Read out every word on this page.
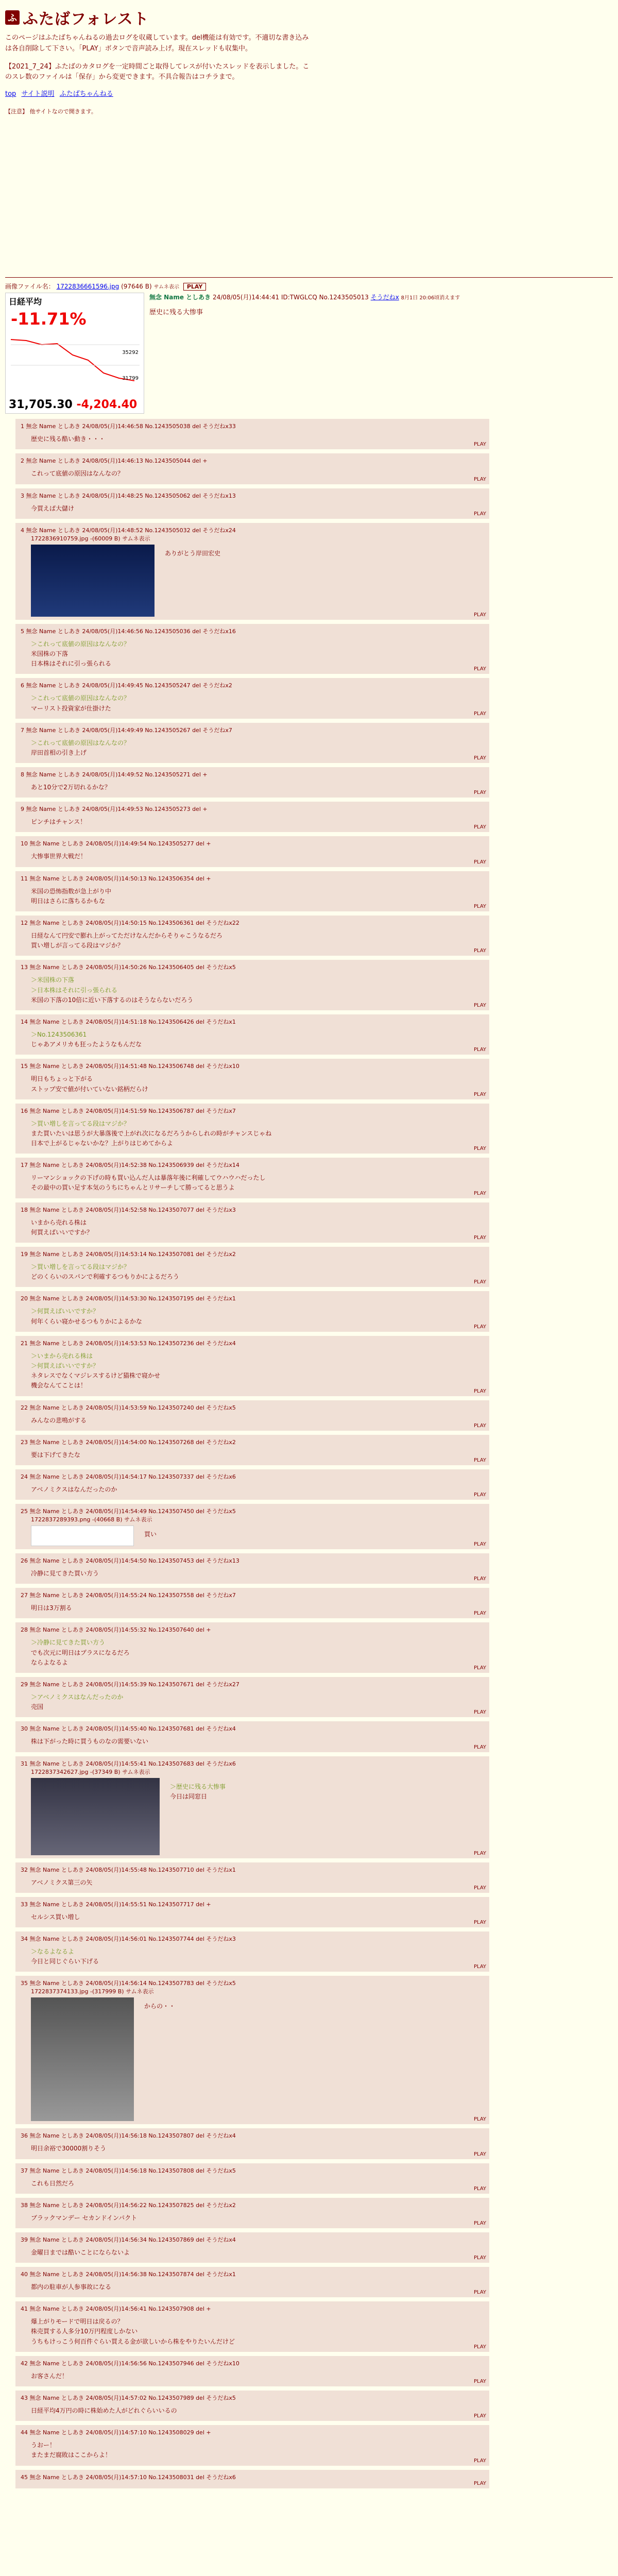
ふ ふたばフォレスト
このページはふたばちゃんねるの過去ログを収蔵しています。del機能は有効です。不適切な書き込みは各自削除して下さい。「PLAY」ボタンで音声読み上げ。現在スレッドも収集中。
【2021_7_24】ふたばのカタログを一定時間ごと取得してレスが付いたスレッドを表示しました。このスレ数のファイルは「保存」から変更できます。不具合報告はコチラまで。
top サイト説明 ふたばちゃんねる
【注意】 他サイトなので開きます。
画像ファイル名： 1722836661596.jpg (97646 B) サムネ表示 PLAY
日経平均
-11.71%
35292
31799
31,705.30 -4,204.40
無念 Name としあき 24/08/05(月)14:44:41 ID:TWGLCQ No.1243505013 そうだねx 8月1日 20:06頃消えます
歴史に残る大惨事
1 無念 Name としあき 24/08/05(月)14:46:58 No.1243505038 del そうだねx33
歴史に残る酷い動き・・・
PLAY
2 無念 Name としあき 24/08/05(月)14:46:13 No.1243505044 del +
これって底値の原因はなんなの？
PLAY
3 無念 Name としあき 24/08/05(月)14:48:25 No.1243505062 del そうだねx13
今買えば大儲け
PLAY
4 無念 Name としあき 24/08/05(月)14:48:52 No.1243505032 del そうだねx24
1722836910759.jpg -(60009 B) サムネ表示
ありがとう岸田宏史
PLAY
5 無念 Name としあき 24/08/05(月)14:46:56 No.1243505036 del そうだねx16
＞これって底値の原因はなんなの？
米国株の下落
日本株はそれに引っ張られる
PLAY
6 無念 Name としあき 24/08/05(月)14:49:45 No.1243505247 del そうだねx2
＞これって底値の原因はなんなの？
マーリスト投資家が仕掛けた
PLAY
7 無念 Name としあき 24/08/05(月)14:49:49 No.1243505267 del そうだねx7
＞これって底値の原因はなんなの？
岸田首相の引き上げ
PLAY
8 無念 Name としあき 24/08/05(月)14:49:52 No.1243505271 del +
あと10分で2万切れるかな？
PLAY
9 無念 Name としあき 24/08/05(月)14:49:53 No.1243505273 del +
ピンチはチャンス！
PLAY
10 無念 Name としあき 24/08/05(月)14:49:54 No.1243505277 del +
大惨事世界大戦だ！
PLAY
11 無念 Name としあき 24/08/05(月)14:50:13 No.1243506354 del +
米国の恐怖指数が急上がり中
明日はさらに落ちるかもな
PLAY
12 無念 Name としあき 24/08/05(月)14:50:15 No.1243506361 del そうだねx22
日経なんて円安で膨れ上がってただけなんだからそりゃこうなるだろ
買い増しが言ってる段はマジか？
PLAY
13 無念 Name としあき 24/08/05(月)14:50:26 No.1243506405 del そうだねx5
＞米国株の下落
＞日本株はそれに引っ張られる
米国の下落の10倍に近い下落するのはそうならないだろう
PLAY
14 無念 Name としあき 24/08/05(月)14:51:18 No.1243506426 del そうだねx1
＞No.1243506361
じゃあアメリカも狂ったようなもんだな
PLAY
15 無念 Name としあき 24/08/05(月)14:51:48 No.1243506748 del そうだねx10
明日もちょっと下がる
ストップ安で値が付いていない銘柄だらけ
PLAY
16 無念 Name としあき 24/08/05(月)14:51:59 No.1243506787 del そうだねx7
＞買い増しを言ってる段はマジか？
また買いたいは思うが大暴落後で上がれ次になるだろうからしれの時がチャンスじゃね
日本で上がるじゃないかな？上がりはじめてからよ
PLAY
17 無念 Name としあき 24/08/05(月)14:52:38 No.1243506939 del そうだねx14
リーマンショックの下げの時も買い込んだ人は暴落年後に利確してウハウハだったし
その最中の買い足す本気のうちにちゃんとリサーチして勝ってると思うよ
PLAY
18 無念 Name としあき 24/08/05(月)14:52:58 No.1243507077 del そうだねx3
いまから売れる株は
何買えばいいですか？
PLAY
19 無念 Name としあき 24/08/05(月)14:53:14 No.1243507081 del そうだねx2
＞買い増しを言ってる段はマジか？
どのくらいのスパンで利確するつもりかによるだろう
PLAY
20 無念 Name としあき 24/08/05(月)14:53:30 No.1243507195 del そうだねx1
＞何買えばいいですか？
何年くらい寝かせるつもりかによるかな
PLAY
21 無念 Name としあき 24/08/05(月)14:53:53 No.1243507236 del そうだねx4
＞いまから売れる株は
＞何買えばいいですか？
ネタレスでなくマジレスするけど猫株で寝かせ
機会なんてことは！
PLAY
22 無念 Name としあき 24/08/05(月)14:53:59 No.1243507240 del そうだねx5
みんなの悲鳴がする
PLAY
23 無念 Name としあき 24/08/05(月)14:54:00 No.1243507268 del そうだねx2
要は下げてきたな
PLAY
24 無念 Name としあき 24/08/05(月)14:54:17 No.1243507337 del そうだねx6
アベノミクスはなんだったのか
PLAY
25 無念 Name としあき 24/08/05(月)14:54:49 No.1243507450 del そうだねx5
1722837289393.png -(40668 B) サムネ表示
買い
PLAY
26 無念 Name としあき 24/08/05(月)14:54:50 No.1243507453 del そうだねx13
冷静に見てきた買い方う
PLAY
27 無念 Name としあき 24/08/05(月)14:55:24 No.1243507558 del そうだねx7
明日は3万割る
PLAY
28 無念 Name としあき 24/08/05(月)14:55:32 No.1243507640 del +
＞冷静に見てきた買い方う
でも次元に明日はプラスになるだろ
ならよなるよ
PLAY
29 無念 Name としあき 24/08/05(月)14:55:39 No.1243507671 del そうだねx27
＞アベノミクスはなんだったのか
売国
PLAY
30 無念 Name としあき 24/08/05(月)14:55:40 No.1243507681 del そうだねx4
株は下がった時に買うものなの需要いない
PLAY
31 無念 Name としあき 24/08/05(月)14:55:41 No.1243507683 del そうだねx6
1722837342627.jpg -(37349 B) サムネ表示
＞歴史に残る大惨事
今日は同窓日
PLAY
32 無念 Name としあき 24/08/05(月)14:55:48 No.1243507710 del そうだねx1
アベノミクス第三の矢
PLAY
33 無念 Name としあき 24/08/05(月)14:55:51 No.1243507717 del +
セルシス買い増し
PLAY
34 無念 Name としあき 24/08/05(月)14:56:01 No.1243507744 del そうだねx3
＞なるよなるよ
今日と同じぐらい下げる
PLAY
35 無念 Name としあき 24/08/05(月)14:56:14 No.1243507783 del そうだねx5
1722837374133.jpg -(317999 B) サムネ表示
からの・・
PLAY
36 無念 Name としあき 24/08/05(月)14:56:18 No.1243507807 del そうだねx4
明日余裕で30000割りそう
PLAY
37 無念 Name としあき 24/08/05(月)14:56:18 No.1243507808 del そうだねx5
これも日然だろ
PLAY
38 無念 Name としあき 24/08/05(月)14:56:22 No.1243507825 del そうだねx2
ブラックマンデー セカンドインパクト
PLAY
39 無念 Name としあき 24/08/05(月)14:56:34 No.1243507869 del そうだねx4
金曜日までは酷いことにならないよ
PLAY
40 無念 Name としあき 24/08/05(月)14:56:38 No.1243507874 del そうだねx1
都内の駐車が人参事故になる
PLAY
41 無念 Name としあき 24/08/05(月)14:56:41 No.1243507908 del +
爆上がりモードで明日は戻るの？
株売買する人多分10万円程度しかない
うちもけっこう何百件ぐらい買える金が欲しいから株をやりたいんだけど
PLAY
42 無念 Name としあき 24/08/05(月)14:56:56 No.1243507946 del そうだねx10
お客さんだ！
PLAY
43 無念 Name としあき 24/08/05(月)14:57:02 No.1243507989 del そうだねx5
日経平均4万円の時に株始めた人がどれぐらいいるの
PLAY
44 無念 Name としあき 24/08/05(月)14:57:10 No.1243508029 del +
うおー！
またまだ腐敗はここからよ！
PLAY
45 無念 Name としあき 24/08/05(月)14:57:10 No.1243508031 del そうだねx6
PLAY
